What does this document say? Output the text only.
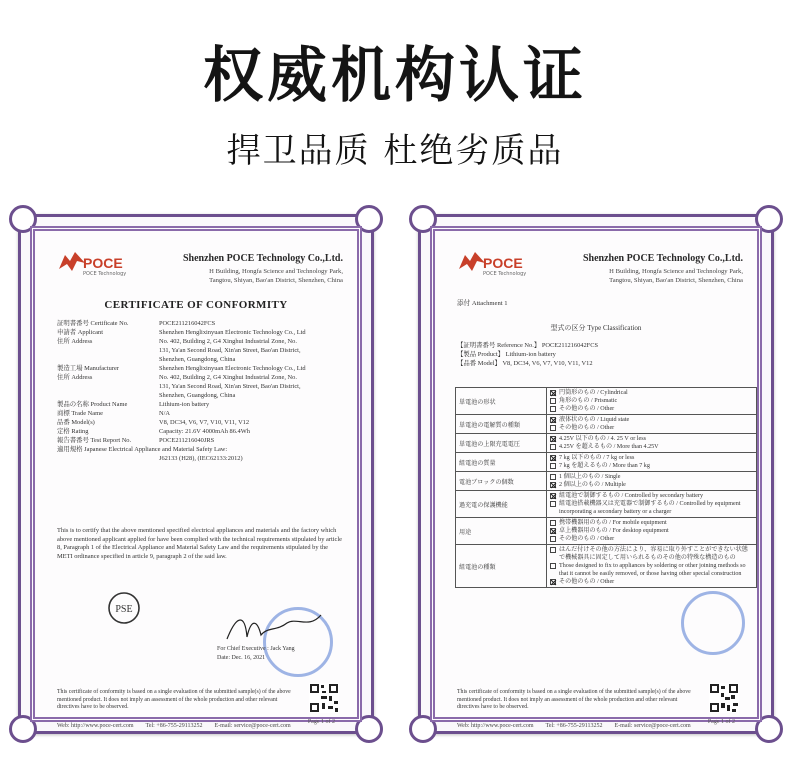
权威机构认证
捍卫品质 杜绝劣质品
POCE
POCE Technology
Shenzhen POCE Technology Co.,Ltd.
H Building, Hongfa Science and Technology Park,
Tangtou, Shiyan, Bao'an District, Shenzhen, China
CERTIFICATE OF CONFORMITY
証明書番号 Certificate No.	POCE211216042FCS
申請者 Applicant	Shenzhen Henglixinyuan Electronic Technology Co., Ltd
住所 Address	No. 402, Building 2, G4 Xinghui Industrial Zone, No.
131, Ya'an Second Road, Xin'an Street, Bao'an District,
Shenzhen, Guangdong, China
製造工場 Manufacturer	Shenzhen Henglixinyuan Electronic Technology Co., Ltd
住所 Address	No. 402, Building 2, G4 Xinghui Industrial Zone, No.
131, Ya'an Second Road, Xin'an Street, Bao'an District,
Shenzhen, Guangdong, China
製品の名称 Product Name	Lithium-ion battery
商標 Trade Name	N/A
品番 Model(s)	V8, DC34, V6, V7, V10, V11, V12
定格 Rating	Capacity: 21.6V 4000mAh 86.4Wh
報告書番号 Test Report No.	POCE211216040JRS
適用規格 Japanese Electrical Appliance and Material Safety Law:
J62133 (H28), (IEC62133:2012)
This is to certify that the above mentioned specified electrical appliances and materials and the factory which above mentioned applicant applied for have been complied with the technical requirements stipulated by article 8, Paragraph 1 of the Electrical Appliance and Material Safety Law and the requirements stipulated by the METI ordinance specified in article 9, paragraph 2 of the said law.
PSE
For Chief Executive : Jack Yang
Date: Dec. 16, 2021
This certificate of conformity is based on a single evaluation of the submitted sample(s) of the above mentioned product. It does not imply an assessment of the whole production and other relevant directives have to be observed.
Web: http://www.poce-cert.com Tel: +86-755-29113252 E-mail: service@poce-cert.com
Page 1 of 2
POCE
POCE Technology
Shenzhen POCE Technology Co.,Ltd.
H Building, Hongfa Science and Technology Park,
Tangtou, Shiyan, Bao'an District, Shenzhen, China
添付 Attachment 1
型式の区分 Type Classification
【証明書番号 Reference No.】 POCE211216042FCS
【製品 Product】 Lithium-ion battery
【品番 Model】 V8, DC34, V6, V7, V10, V11, V12
単電池の形状	円筒形のもの / Cylindrical
角形のもの / Prismatic
その他のもの / Other

単電池の電解質の種類	液体状のもの / Liquid state
その他のもの / Other

単電池の上限充電電圧	4.25V 以下のもの / 4. 25 V or less
4.25V を超えるもの / More than 4.25V

組電池の質量	7 kg 以下のもの / 7 kg or less
7 kg を超えるもの / More than 7 kg

電池ブロックの個数	1 個以上のもの / Single
2 個以上のもの / Multiple

過充電の保護機能	組電池で制御するもの / Controlled by secondary battery
組電池搭載機器又は充電器で制御するもの / Controlled by equipment incorporating a secondary battery or a charger

用途	携帯機器用のもの / For mobile equipment
卓上機器用のもの / For desktop equipment
その他のもの / Other

組電池の種類	はんだ付けその他の方法により、容易に取り外すことができない状態で機械器具に固定して用いられるものその他の特殊な構造のもの
Those designed to fix to appliances by soldering or other joining methods so that it cannot be easily removed, or those having other special construction
その他のもの / Other
This certificate of conformity is based on a single evaluation of the submitted sample(s) of the above mentioned product. It does not imply an assessment of the whole production and other relevant directives have to be observed.
Web: http://www.poce-cert.com Tel: +86-755-29113252 E-mail: service@poce-cert.com
Page 1 of 2
